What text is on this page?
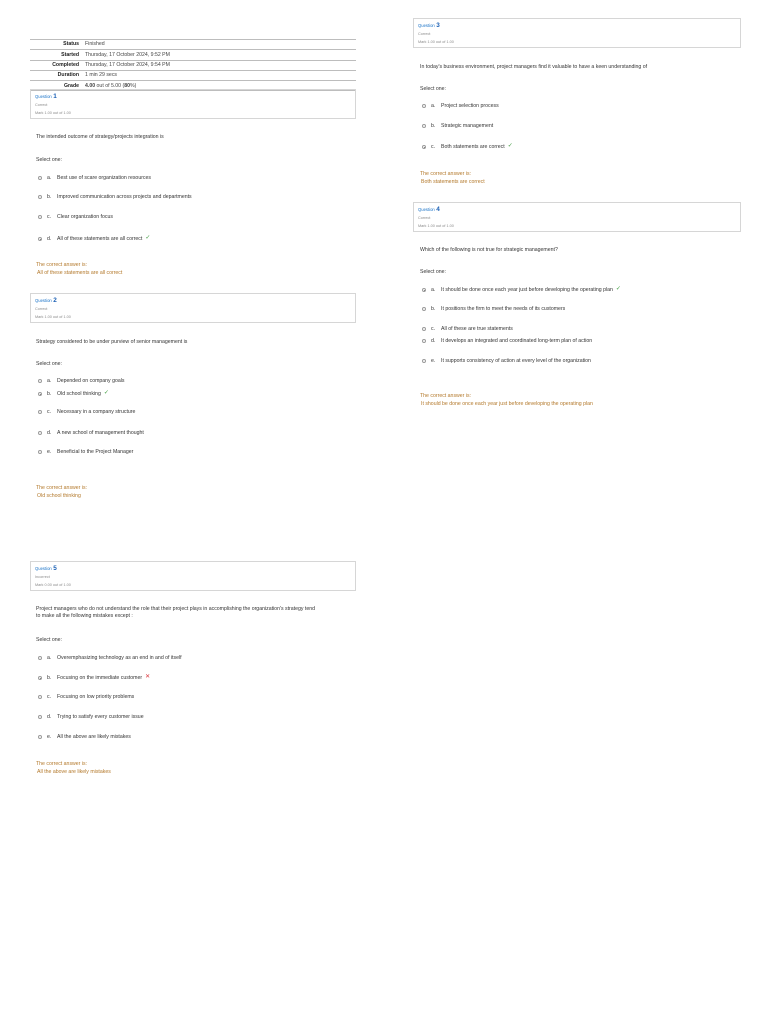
Status	Finished
Started	Thursday, 17 October 2024, 9:52 PM
Completed	Thursday, 17 October 2024, 9:54 PM
Duration	1 min 29 secs
Grade	4.00 out of 5.00 (80%)
Question 1
Correct
Mark 1.00 out of 1.00
The intended outcome of strategy/projects integration is
Select one:
a.	Best use of scare organization resources
b.	Improved communication across projects and departments
c.	Clear organization focus
d.	All of these statements are all correct ✓
The correct answer is:
All of these statements are all correct
Question 2
Correct
Mark 1.00 out of 1.00
Strategy considered to be under purview of senior management is
Select one:
a.	Depended on company goals
b.	Old school thinking ✓
c.	Necessary in a company structure
d.	A new school of management thought
e.	Beneficial to the Project Manager
The correct answer is:
Old school thinking
Question 3
Correct
Mark 1.00 out of 1.00
In today's business environment, project managers find it valuable to have a keen understanding of
Select one:
a.	Project selection process
b.	Strategic management
c.	Both statements are correct ✓
The correct answer is:
Both statements are correct
Question 4
Correct
Mark 1.00 out of 1.00
Which of the following is not true for strategic management?
Select one:
a.	It should be done once each year just before developing the operating plan ✓
b.	It positions the firm to meet the needs of its customers
c.	All of these are true statements
d.	It develops an integrated and coordinated long-term plan of action
e.	It supports consistency of action at every level of the organization
The correct answer is:
It should be done once each year just before developing the operating plan
Question 5
Incorrect
Mark 0.00 out of 1.00
Project managers who do not understand the role that their project plays in accomplishing the organization's strategy tend
to make all the following mistakes except :
Select one:
a.	Overemphasizing technology as an end in and of itself
b.	Focusing on the immediate customer ✕
c.	Focusing on low priority problems
d.	Trying to satisfy every customer issue
e.	All the above are likely mistakes
The correct answer is:
All the above are likely mistakes
